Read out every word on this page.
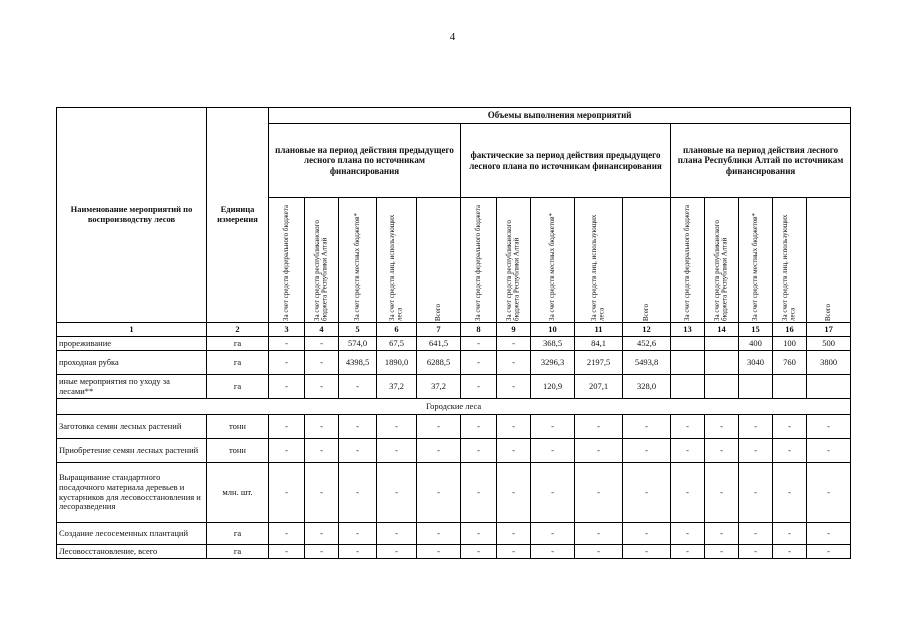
4
Наименование мероприятий по воспроизводству лесов	Единица измерения	Объемы выполнения мероприятий														
		плановые на период действия предыдущего лесного плана по источникам финансирования					фактические за период действия предыдущего лесного плана по источникам финансирования					плановые на период действия лесного плана Республики Алтай по источникам финансирования				

		За счет средств федерального бюджета	За счет средств республиканского бюджета Республики Алтай	За счет средств местных бюджетов*	За счет средств лиц, использующих леса	Всего	За счет средств федерального бюджета	За счет средств республиканского бюджета Республики Алтай	За счет средств местных бюджетов*	За счет средств лиц, использующих леса	Всего	За счет средств федерального бюджета	За счет средств республиканского бюджета Республики Алтай	За счет средств местных бюджетов*	За счет средств лиц, использующих леса	Всего

1	2	3	4	5	6	7	8	9	10	11	12	13	14	15	16	17
прореживание	га	-	-	574,0	67,5	641,5	-	-	368,5	84,1	452,6			400	100	500
проходная рубка	га	-	-	4398,5	1890,0	6288,5	-	-	3296,3	2197,5	5493,8			3040	760	3800
иные мероприятия по уходу за лесами**	га	-	-	-	37,2	37,2	-	-	120,9	207,1	328,0					
Городские леса																
Заготовка семян лесных растений	тонн	-	-	-	-	-	-	-	-	-	-	-	-	-	-	-
Приобретение семян лесных растений	тонн	-	-	-	-	-	-	-	-	-	-	-	-	-	-	-
Выращивание стандартного посадочного материала деревьев и кустарников для лесовосстановления и лесоразведения	млн. шт.	-	-	-	-	-	-	-	-	-	-	-	-	-	-	-
Создание лесосеменных плантаций	га	-	-	-	-	-	-	-	-	-	-	-	-	-	-	-
Лесовосстановление, всего	га	-	-	-	-	-	-	-	-	-	-	-	-	-	-	-
